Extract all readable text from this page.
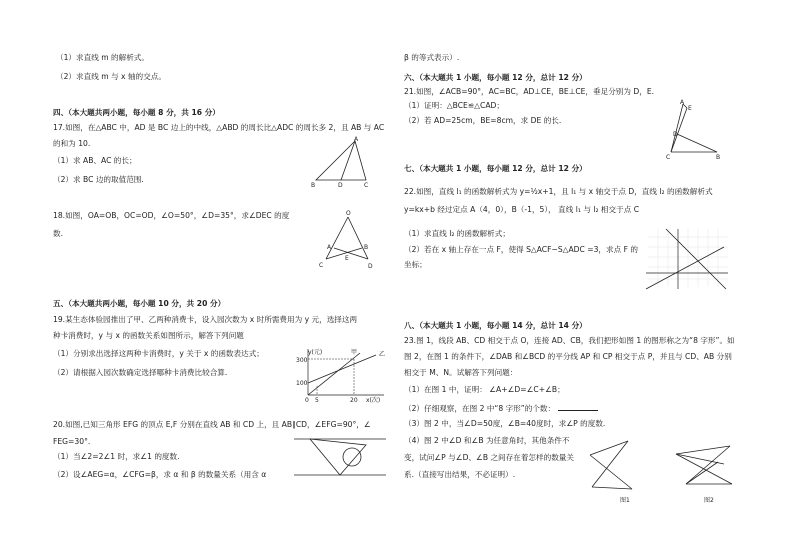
（1）求直线 m 的解析式。
（2）求直线 m 与 x 轴的交点。
四、（本大题共两小题，每小题 8 分，共 16 分）
17.如图，在△ABC 中，AD 是 BC 边上的中线，△ABD 的周长比△ADC 的周长多 2，且 AB 与 AC
的和为 10.
（1）求 AB、AC 的长；
（2）求 BC 边的取值范围.
A
B	D	C
18.如图，OA=OB，OC=OD，∠O=50°，∠D=35°，求∠DEC 的度
数.
O
A	B
C	D
E
五、（本大题共两小题，每小题 10 分，共 20 分）
19.某生态体验园推出了甲、乙两种消费卡，设入园次数为 x 时所需费用为 y 元，选择这两
种卡消费时，y 与 x 的函数关系如图所示，解答下列问题
（1）分别求出选择这两种卡消费时，y 关于 x 的函数表达式；
（2）请根据入园次数确定选择哪种卡消费比较合算.
y(元)
300
100
0 5	20 x(次)
甲	乙
20.如图,已知三角形 EFG 的顶点 E,F 分别在直线 AB 和 CD 上，且 AB∥CD，∠EFG=90°，∠
FEG=30°.
（1）当∠2=2∠1 时，求∠1 的度数.
（2）设∠AEG=α，∠CFG=β，求 α 和 β 的数量关系（用含 α
β 的等式表示）.
六、（本大题共 1 小题，每小题 12 分，总计 12 分）
21.如图，∠ACB=90°，AC=BC，AD⊥CE，BE⊥CE，垂足分别为 D，E.
（1）证明：△BCE≌△CAD；
（2）若 AD=25cm，BE=8cm，求 DE 的长.
A
E
D
C	B
七、（本大题共 1 小题，每小题 12 分，总计 12 分）
22.如图，直线 l₁ 的函数解析式为 y=½x+1，且 l₁ 与 x 轴交于点 D，直线 l₂ 的函数解析式
y=kx+b 经过定点 A（4，0），B（-1，5）， 直线 l₁ 与 l₂ 相交于点 C
（1）求直线 l₂ 的函数解析式；
（2）若在 x 轴上存在一点 F，使得 S△ACF−S△ADC =3，求点 F 的
坐标；
八、（本大题共 1 小题，每小题 14 分，总计 14 分）
23.图 1，线段 AB、CD 相交于点 O，连接 AD、CB，我们把形如图 1 的图形称之为“8 字形”。如
图 2，在图 1 的条件下，∠DAB 和∠BCD 的平分线 AP 和 CP 相交于点 P，并且与 CD、AB 分别
相交于 M、N。试解答下列问题：
（1）在图 1 中，证明： ∠A+∠D=∠C+∠B；
（2）仔细观察，在图 2 中“8 字形”的个数：
（3）图 2 中，当∠D=50度，∠B=40度时，求∠P 的度数.
（4）图 2 中∠D 和∠B 为任意角时，其他条件不
变，试问∠P 与∠D、∠B 之间存在着怎样的数量关
系.（直接写出结果，不必证明）.
图1	图2
